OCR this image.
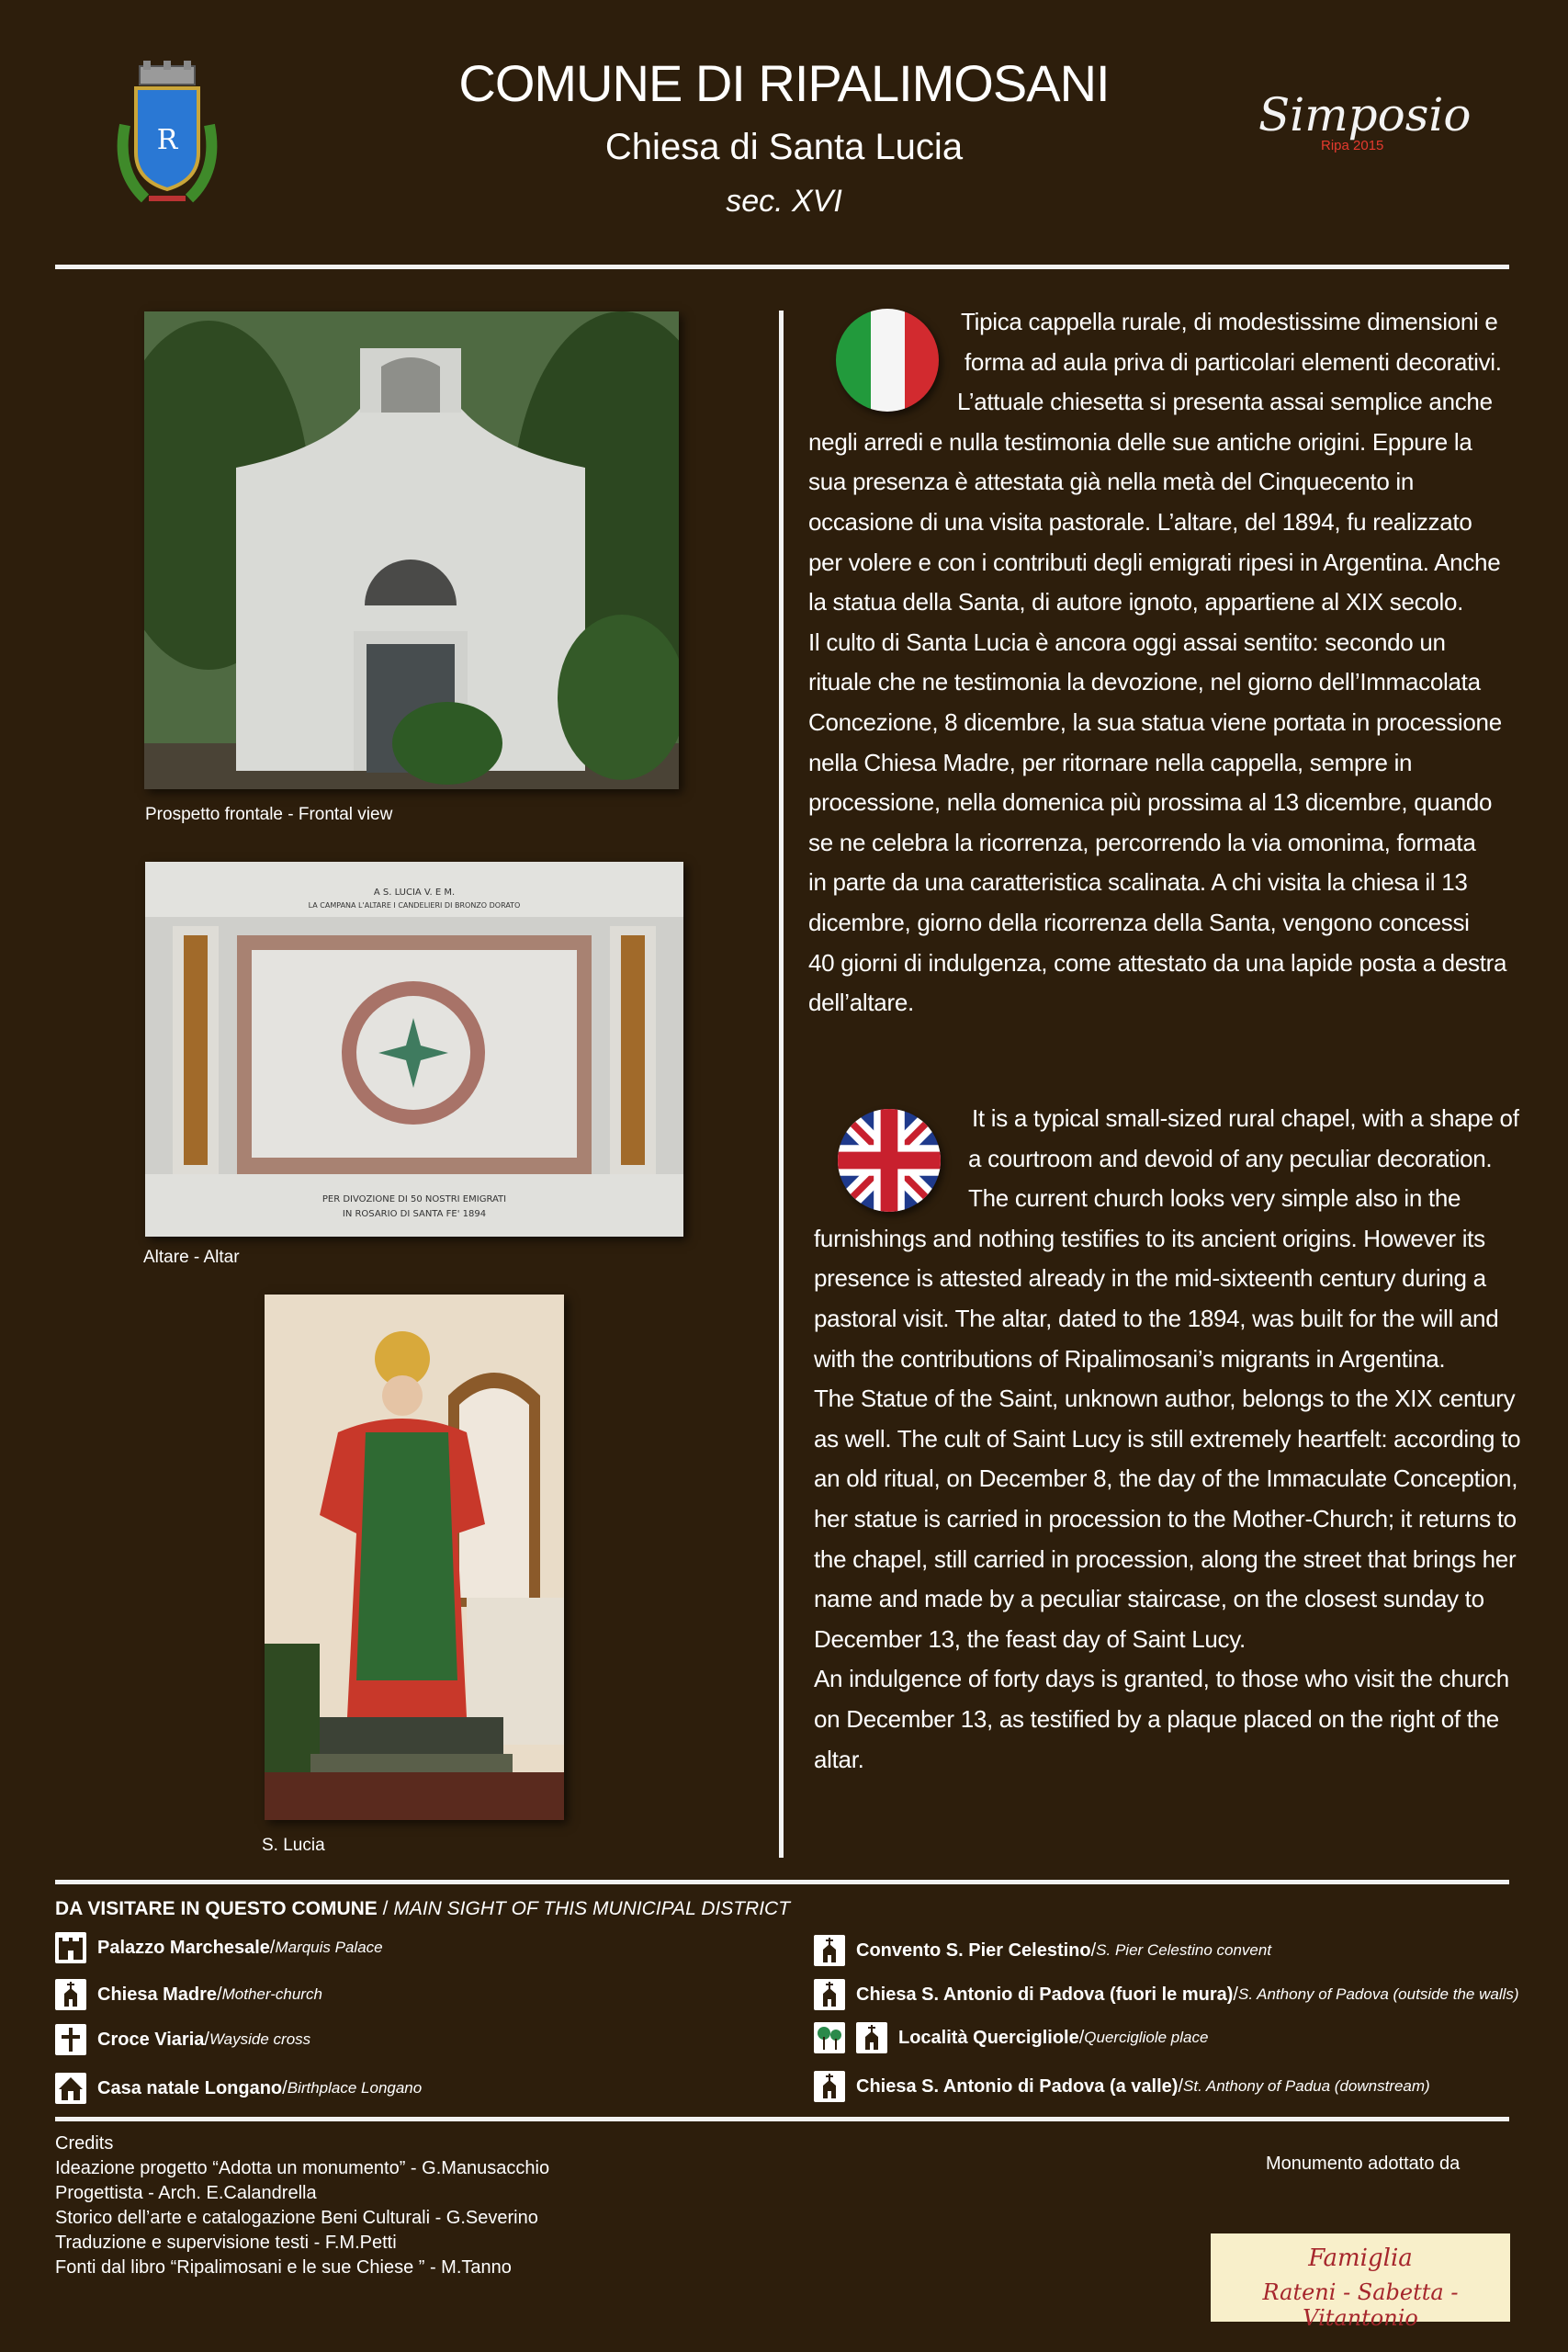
R
COMUNE DI RIPALIMOSANI
Chiesa di Santa Lucia
sec. XVI
Simposio
Ripa 2015
Prospetto frontale - Frontal view
A S. LUCIA V. E M.
LA CAMPANA L'ALTARE I CANDELIERI DI BRONZO DORATO
PER DIVOZIONE DI 50 NOSTRI EMIGRATI
IN ROSARIO DI SANTA FE' 1894
Altare - Altar
S. Lucia
Tipica cappella rurale, di modestissime dimensioni e
forma ad aula priva di particolari elementi decorativi.
L’attuale chiesetta si presenta assai semplice anche
negli arredi e nulla testimonia delle sue antiche origini. Eppure la
sua presenza è attestata già nella metà del Cinquecento in
occasione di una visita pastorale. L’altare, del 1894, fu realizzato
per volere e con i contributi degli emigrati ripesi in Argentina. Anche
la statua della Santa, di autore ignoto, appartiene al XIX secolo.
Il culto di Santa Lucia è ancora oggi assai sentito: secondo un
rituale che ne testimonia la devozione, nel giorno dell’Immacolata
Concezione, 8 dicembre, la sua statua viene portata in processione
nella Chiesa Madre, per ritornare nella cappella, sempre in
processione, nella domenica più prossima al 13 dicembre, quando
se ne celebra la ricorrenza, percorrendo la via omonima, formata
in parte da una caratteristica scalinata. A chi visita la chiesa il 13
dicembre, giorno della ricorrenza della Santa, vengono concessi
40 giorni di indulgenza, come attestato da una lapide posta a destra
dell’altare.
It is a typical small-sized rural chapel, with a shape of
a courtroom and devoid of any peculiar decoration.
The current church looks very simple also in the
furnishings and nothing testifies to its ancient origins. However its
presence is attested already in the mid-sixteenth century during a
pastoral visit. The altar, dated to the 1894, was built for the will and
with the contributions of Ripalimosani’s migrants in Argentina.
The Statue of the Saint, unknown author, belongs to the XIX century
as well. The cult of Saint Lucy is still extremely heartfelt: according to
an old ritual, on December 8, the day of the Immaculate Conception,
her statue is carried in procession to the Mother-Church; it returns to
the chapel, still carried in procession, along the street that brings her
name and made by a peculiar staircase, on the closest sunday to
December 13, the feast day of Saint Lucy.
An indulgence of forty days is granted, to those who visit the church
on December 13, as testified by a plaque placed on the right of the
altar.
DA VISITARE IN QUESTO COMUNE / MAIN SIGHT OF THIS MUNICIPAL DISTRICT
Palazzo Marchesale / Marquis Palace
Chiesa Madre / Mother-church
Croce Viaria / Wayside cross
Casa natale Longano / Birthplace Longano
Convento S. Pier Celestino / S. Pier Celestino convent
Chiesa S. Antonio di Padova (fuori le mura) / S. Anthony of Padova (outside the walls)
Località Quercigliole / Quercigliole place
Chiesa S. Antonio di Padova (a valle) / St. Anthony of Padua (downstream)
Credits
Ideazione progetto “Adotta un monumento” - G.Manusacchio
Progettista - Arch. E.Calandrella
Storico dell’arte e catalogazione Beni Culturali - G.Severino
Traduzione e supervisione testi - F.M.Petti
Fonti dal libro “Ripalimosani e le sue Chiese ” - M.Tanno
Monumento adottato da
Famiglia
Rateni - Sabetta - Vitantonio
